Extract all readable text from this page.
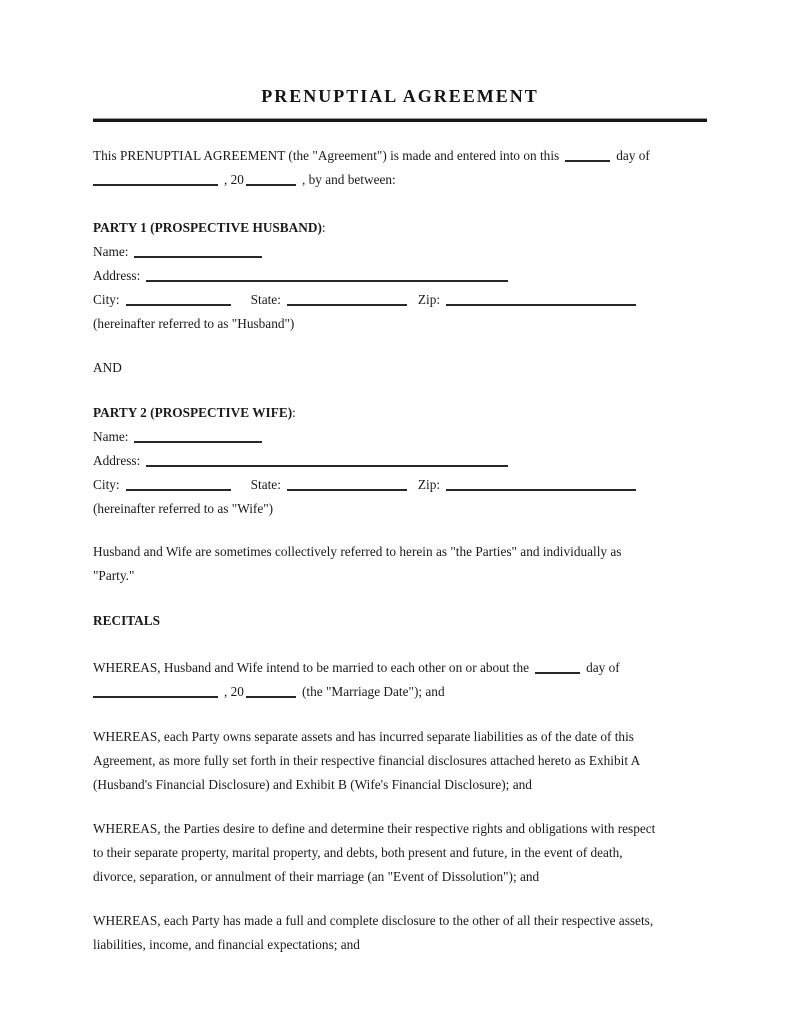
PRENUPTIAL AGREEMENT
This PRENUPTIAL AGREEMENT (the "Agreement") is made and entered into on this	day of
, 20	, by and between:
PARTY 1 (PROSPECTIVE HUSBAND):
Name:
Address:
City:	State:	Zip:
(hereinafter referred to as "Husband")
AND
PARTY 2 (PROSPECTIVE WIFE):
Name:
Address:
City:	State:	Zip:
(hereinafter referred to as "Wife")
Husband and Wife are sometimes collectively referred to herein as "the Parties" and individually as
"Party."
RECITALS
WHEREAS, Husband and Wife intend to be married to each other on or about the	day of
, 20	(the "Marriage Date"); and
WHEREAS, each Party owns separate assets and has incurred separate liabilities as of the date of this
Agreement, as more fully set forth in their respective financial disclosures attached hereto as Exhibit A
(Husband's Financial Disclosure) and Exhibit B (Wife's Financial Disclosure); and
WHEREAS, the Parties desire to define and determine their respective rights and obligations with respect
to their separate property, marital property, and debts, both present and future, in the event of death,
divorce, separation, or annulment of their marriage (an "Event of Dissolution"); and
WHEREAS, each Party has made a full and complete disclosure to the other of all their respective assets,
liabilities, income, and financial expectations; and
